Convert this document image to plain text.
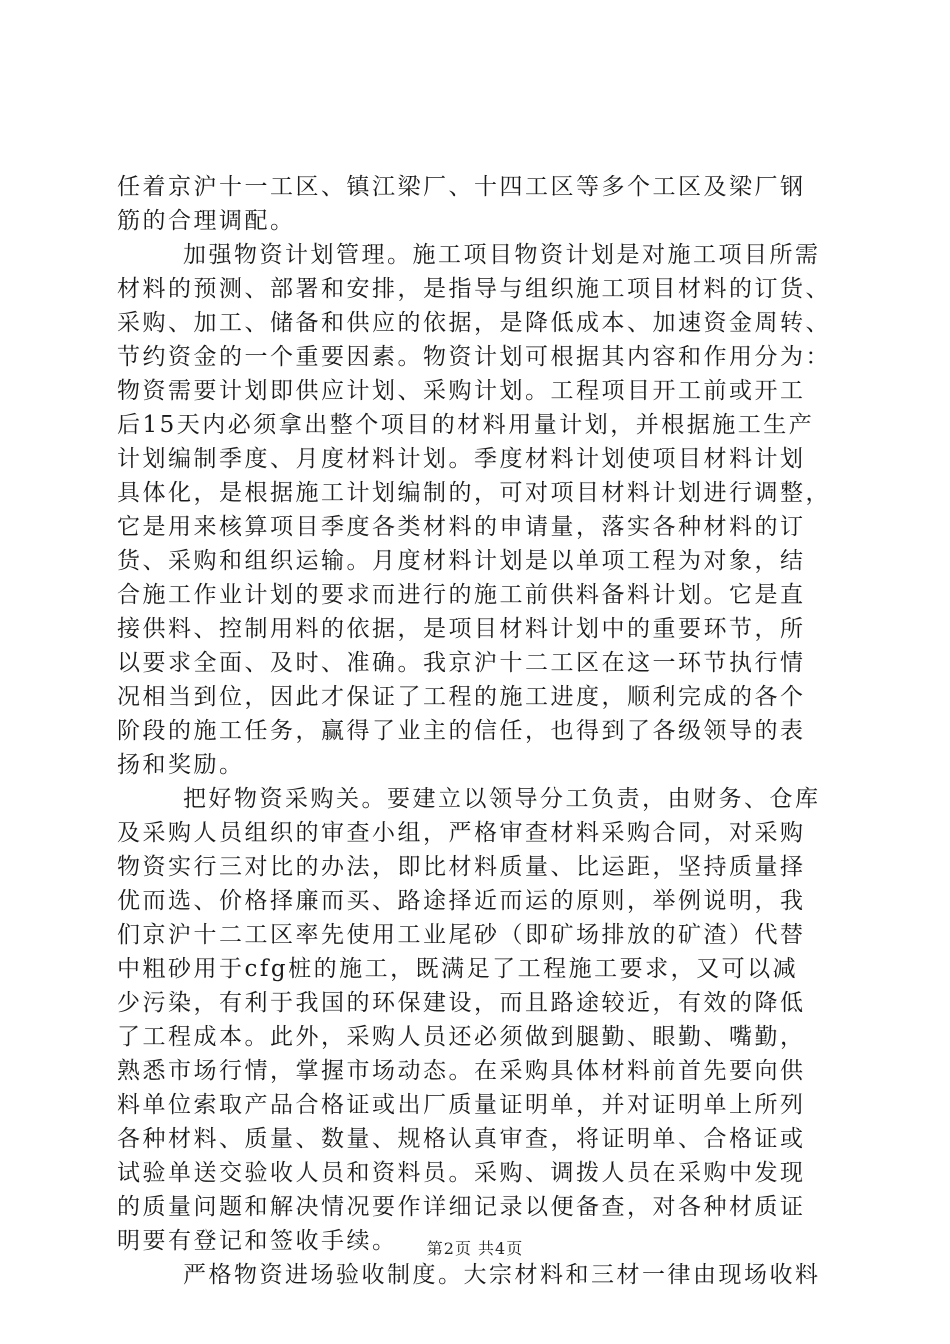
任着京沪十一工区、镇江梁厂、十四工区等多个工区及梁厂钢
筋的合理调配。
加强物资计划管理。施工项目物资计划是对施工项目所需
材料的预测、部署和安排，是指导与组织施工项目材料的订货、
采购、加工、储备和供应的依据，是降低成本、加速资金周转、
节约资金的一个重要因素。物资计划可根据其内容和作用分为：
物资需要计划即供应计划、采购计划。工程项目开工前或开工
后15天内必须拿出整个项目的材料用量计划，并根据施工生产
计划编制季度、月度材料计划。季度材料计划使项目材料计划
具体化，是根据施工计划编制的，可对项目材料计划进行调整，
它是用来核算项目季度各类材料的申请量，落实各种材料的订
货、采购和组织运输。月度材料计划是以单项工程为对象，结
合施工作业计划的要求而进行的施工前供料备料计划。它是直
接供料、控制用料的依据，是项目材料计划中的重要环节，所
以要求全面、及时、准确。我京沪十二工区在这一环节执行情
况相当到位，因此才保证了工程的施工进度，顺利完成的各个
阶段的施工任务，赢得了业主的信任，也得到了各级领导的表
扬和奖励。
把好物资采购关。要建立以领导分工负责，由财务、仓库
及采购人员组织的审查小组，严格审查材料采购合同，对采购
物资实行三对比的办法，即比材料质量、比运距，坚持质量择
优而选、价格择廉而买、路途择近而运的原则，举例说明，我
们京沪十二工区率先使用工业尾砂（即矿场排放的矿渣）代替
中粗砂用于cfg桩的施工，既满足了工程施工要求，又可以减
少污染，有利于我国的环保建设，而且路途较近，有效的降低
了工程成本。此外，采购人员还必须做到腿勤、眼勤、嘴勤，
熟悉市场行情，掌握市场动态。在采购具体材料前首先要向供
料单位索取产品合格证或出厂质量证明单，并对证明单上所列
各种材料、质量、数量、规格认真审查，将证明单、合格证或
试验单送交验收人员和资料员。采购、调拨人员在采购中发现
的质量问题和解决情况要作详细记录以便备查，对各种材质证
明要有登记和签收手续。
严格物资进场验收制度。大宗材料和三材一律由现场收料
第2页 共4页
